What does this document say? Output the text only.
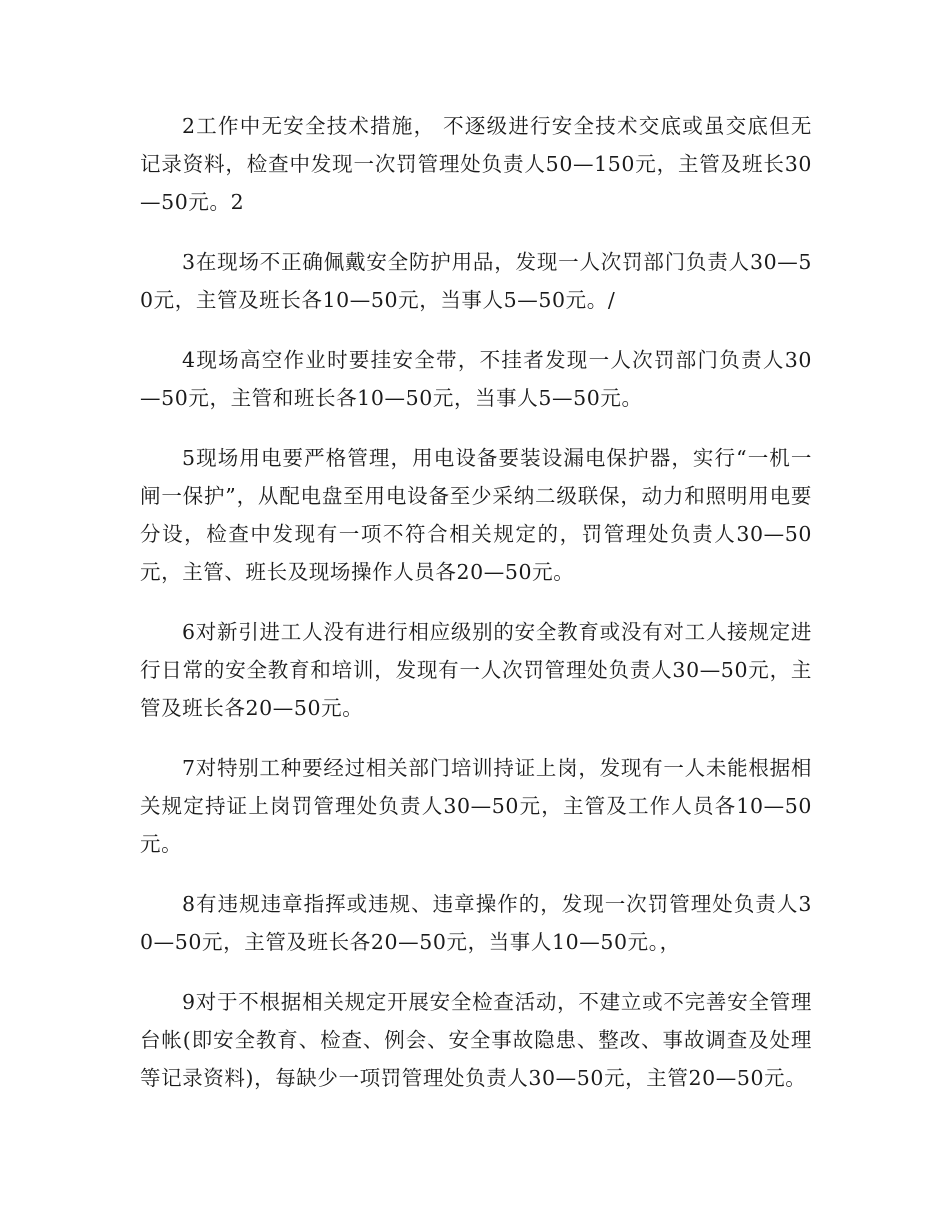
2工作中无安全技术措施， 不逐级进行安全技术交底或虽交底但无记录资料，检查中发现一次罚管理处负责人50—150元，主管及班长30—50元。2

3在现场不正确佩戴安全防护用品，发现一人次罚部门负责人30—50元，主管及班长各10—50元，当事人5—50元。/

4现场高空作业时要挂安全带，不挂者发现一人次罚部门负责人30—50元，主管和班长各10—50元，当事人5—50元。

5现场用电要严格管理，用电设备要装设漏电保护器，实行“一机一闸一保护”，从配电盘至用电设备至少采纳二级联保，动力和照明用电要分设，检查中发现有一项不符合相关规定的，罚管理处负责人30—50元，主管、班长及现场操作人员各20—50元。

6对新引进工人没有进行相应级别的安全教育或没有对工人接规定进行日常的安全教育和培训，发现有一人次罚管理处负责人30—50元，主管及班长各20—50元。

7对特别工种要经过相关部门培训持证上岗，发现有一人未能根据相关规定持证上岗罚管理处负责人30—50元，主管及工作人员各10—50元。

8有违规违章指挥或违规、违章操作的，发现一次罚管理处负责人30—50元，主管及班长各20—50元，当事人10—50元。，

9对于不根据相关规定开展安全检查活动，不建立或不完善安全管理台帐(即安全教育、检查、例会、安全事故隐患、整改、事故调查及处理等记录资料)，每缺少一项罚管理处负责人30—50元，主管20—50元。
